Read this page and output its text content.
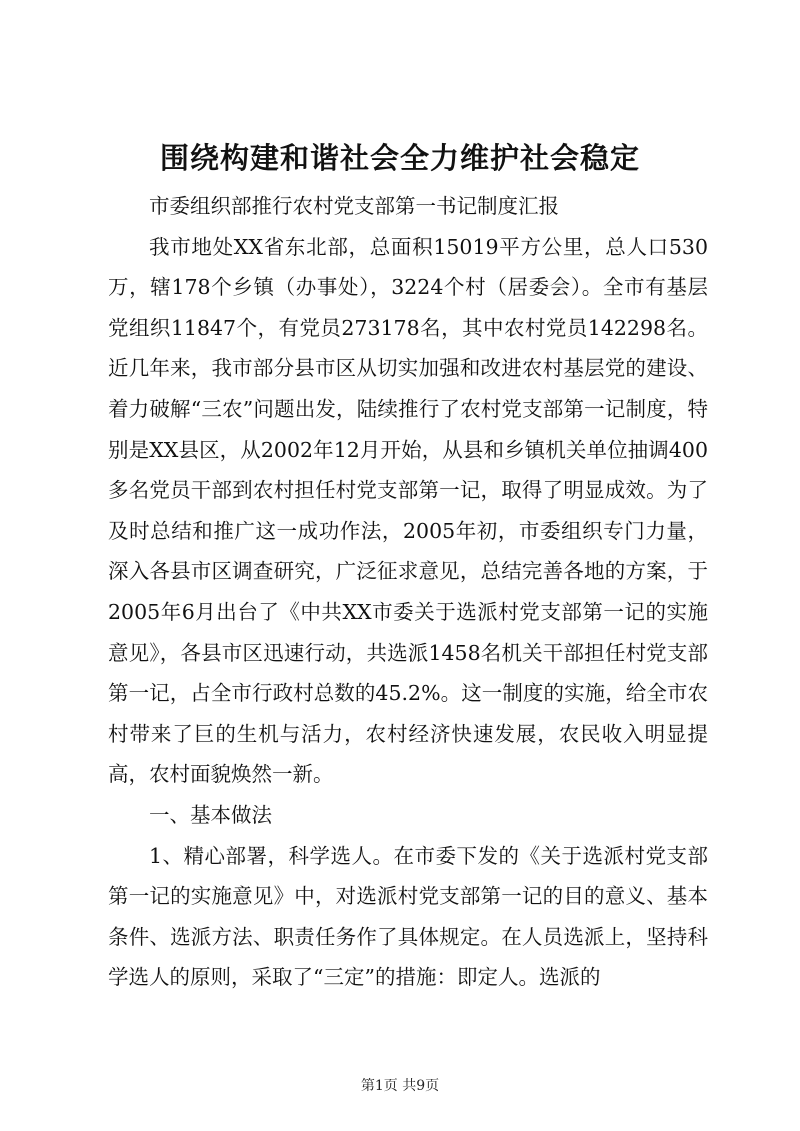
围绕构建和谐社会全力维护社会稳定

市委组织部推行农村党支部第一书记制度汇报

我市地处XX省东北部，总面积15019平方公里，总人口530万，辖178个乡镇（办事处），3224个村（居委会）。全市有基层党组织11847个，有党员273178名，其中农村党员142298名。近几年来，我市部分县市区从切实加强和改进农村基层党的建设、着力破解“三农”问题出发，陆续推行了农村党支部第一记制度，特别是XX县区，从2002年12月开始，从县和乡镇机关单位抽调400多名党员干部到农村担任村党支部第一记，取得了明显成效。为了及时总结和推广这一成功作法，2005年初，市委组织专门力量，深入各县市区调查研究，广泛征求意见，总结完善各地的方案，于2005年6月出台了《中共XX市委关于选派村党支部第一记的实施意见》，各县市区迅速行动，共选派1458名机关干部担任村党支部第一记，占全市行政村总数的45.2%。这一制度的实施，给全市农村带来了巨的生机与活力，农村经济快速发展，农民收入明显提高，农村面貌焕然一新。

一、基本做法

1、精心部署，科学选人。在市委下发的《关于选派村党支部第一记的实施意见》中，对选派村党支部第一记的目的意义、基本条件、选派方法、职责任务作了具体规定。在人员选派上，坚持科学选人的原则，采取了“三定”的措施：即定人。选派的

第1页 共9页
